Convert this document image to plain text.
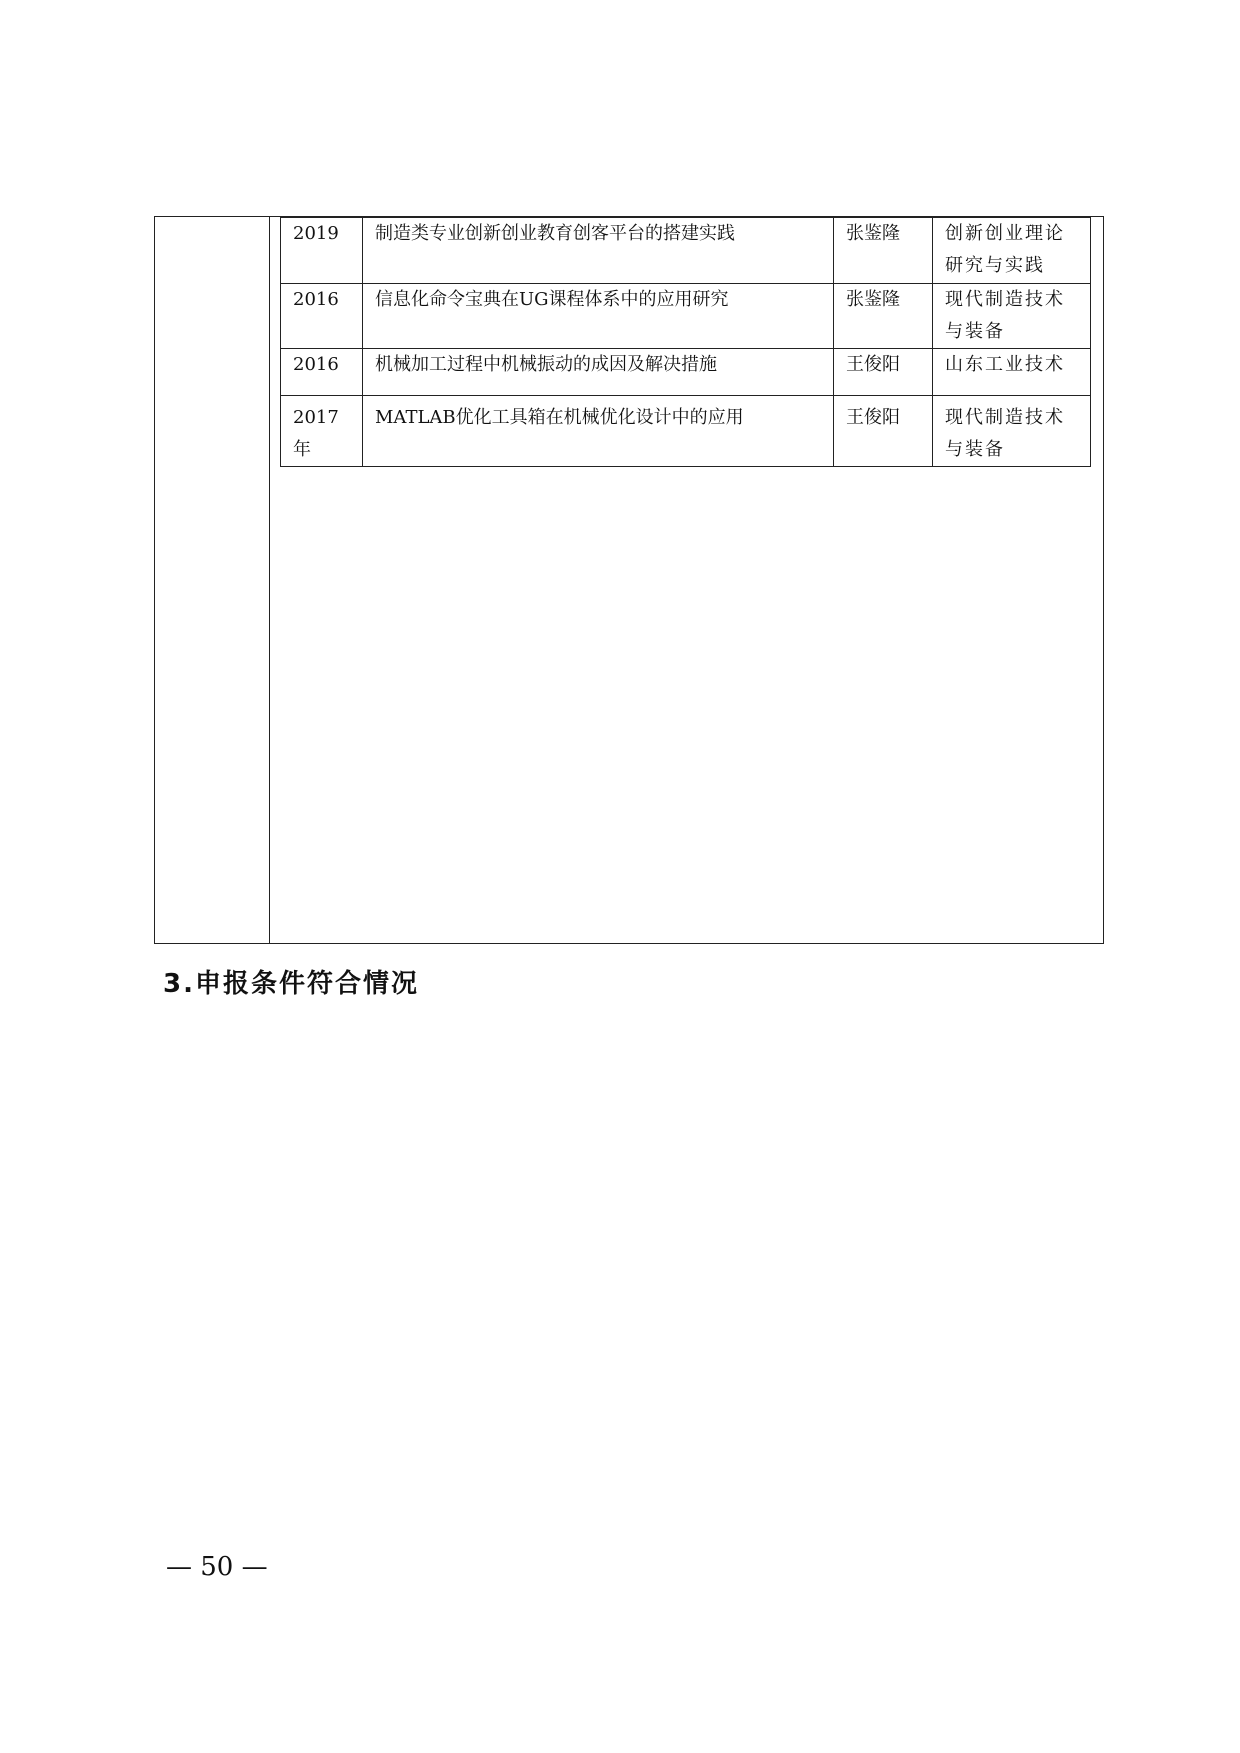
2019	制造类专业创新创业教育创客平台的搭建实践	张鉴隆	创新创业理论研究与实践
2016	信息化命令宝典在UG课程体系中的应用研究	张鉴隆	现代制造技术与装备
2016	机械加工过程中机械振动的成因及解决措施	王俊阳	山东工业技术
2017年	MATLAB优化工具箱在机械优化设计中的应用	王俊阳	现代制造技术与装备
3.申报条件符合情况
— 50 —
